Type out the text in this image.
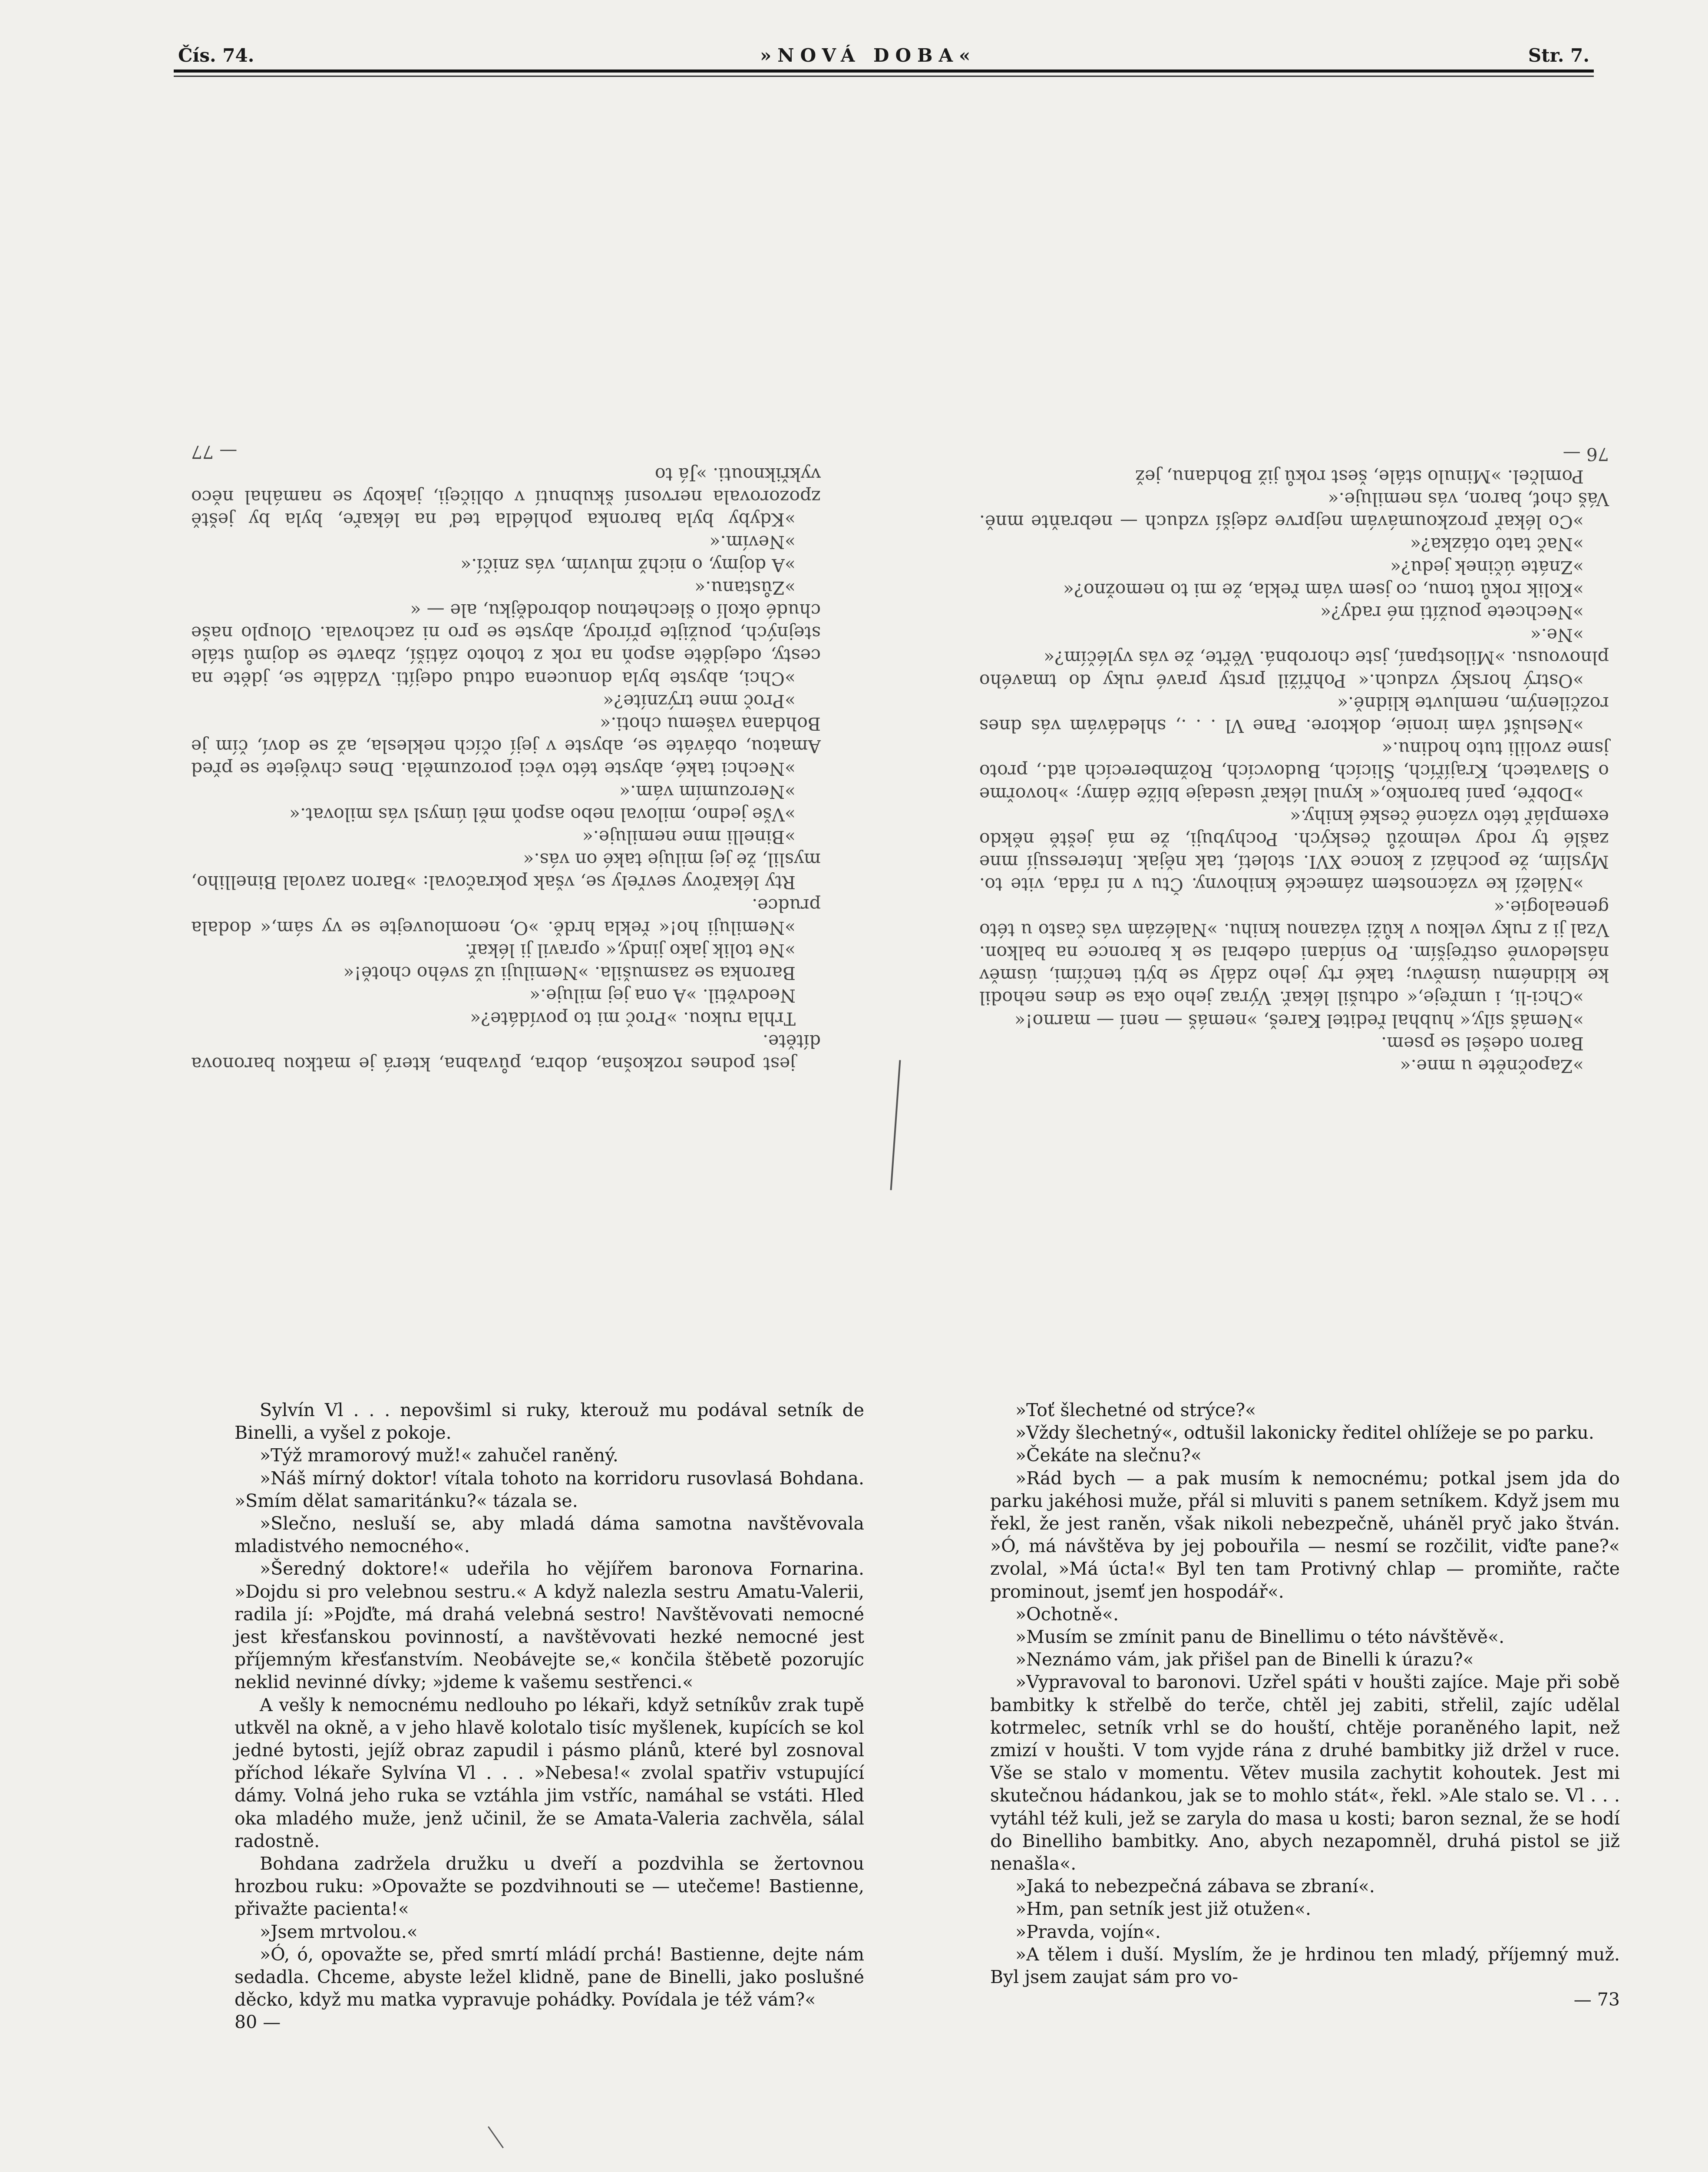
Čís. 74.	»NOVÁ DOBA«	Str. 7.

»Započněte u mne.«

Baron odešel se psem.

»Nemáš síly,« hubhal ředitel Kareš, »nemáš — není — marno!«

»Chci-li, i umřeje,« odtušil lékař. Výraz jeho oka se dnes nehodil ke klidnému úsměvu; také rty jeho zdály se býti tenčími, úsměv následovně ostřejším. Po snídani odebral se k baronce na balkon. Vzal ji z ruky velkou v kůži vázanou knihu. »Nalézám vás často u této genealogie.«

»Náleží ke vzácnostem zámecké knihovny. Čtu v ní ráda, vite to. Myslím, že pochází z konce XVI. století, tak nějak. Interessují mne zašlé ty rody velmožů českých. Pochybuji, že má ještě někdo exemplář této vzácné české knihy.«

»Dobře, paní baronko,« kynul lékař usedaje blíže dámy; »hovořme o Slavatech, Krajířích, Šlicích, Budovcích, Rožmberecích atd., proto jsme zvolili tuto hodinu.«

»Neslušť vám ironie, doktore. Pane Vl . . ., shledávám vás dnes rozčileným, nemluvte klidně.«

»Ostrý horský vzduch.« Pohřížil prsty pravé ruky do tmavého plnovousu. »Milostpaní, jste chorobná. Věřte, že vás vyléčím?«

»Ne.«

»Nechcete použíti mé rady?«

»Kolik roků tomu, co jsem vám řekla, že mi to nemožno?«

»Znáte účinek jedu?«

»Nač tato otázka?«

»Co lékař prozkoumávám nejprve zdejší vzduch — nebraňte mně. Váš choť, baron, vás nemiluje.«

Pomlčel. »Minulo stále, šest roků již Bohdanu, jež

76 —

jest podnes rozkošna, dobra, půvabna, která je matkou baronova dítěte.

Trhla rukou. »Proč mi to povídáte?«

Neodvětil. »A ona jej miluje.«

Baronka se zasmušila. »Nemiluji už svého chotě!«

»Ne tolik jako jindy,« opravil ji lékař.

»Nemiluji ho!« řekla hrdě. »O, neomlouvejte se vy sám,« dodala prudce.

Rty lékařovy sevřely se, však pokračoval: »Baron zavolal Binelliho, myslil, že jej miluje také on vás.«

»Binelli mne nemiluje.«

»Vše jedno, miloval nebo aspoň měl úmysl vás milovat.«

»Nerozumím vám.«

»Nechci také, abyste této věci porozuměla. Dnes chvějete se před Amatou, obáváte se, abyste v její očích neklesla, až se doví, čím je Bohdana vašemu choti.«

»Proč mne trýzníte?«

»Chci, abyste byla donucena odtud odejíti. Vzdálte se, jděte na cesty, odejděte aspoň na rok z tohoto zátiší, zbavte se dojmů stále stejných, použijte přírody, abyste se pro ni zachovala. Olouplo naše chudé okolí o šlechetnou dobrodějku, ale — «

»Zůstanu.«

»A dojmy, o nichž mluvím, vás zničí.«

»Nevím.«

»Kdyby byla baronka pohlédla teď na lékaře, byla by ještě zpozorovala nervosní škubnutí v obličeji, jakoby se namáhal něco vykřiknouti. »Já to

— 77

Sylvín Vl . . . nepovšiml si ruky, kterouž mu podával setník de Binelli, a vyšel z pokoje.

»Týž mramorový muž!« zahučel raněný.

»Náš mírný doktor! vítala tohoto na korridoru rusovlasá Bohdana. »Smím dělat samaritánku?« tázala se.

»Slečno, nesluší se, aby mladá dáma samotna navštěvovala mladistvého nemocného«.

»Šeredný doktore!« udeřila ho vějířem baronova Fornarina. »Dojdu si pro velebnou sestru.« A když nalezla sestru Amatu-Valerii, radila jí: »Pojďte, má drahá velebná sestro! Navštěvovati nemocné jest křesťanskou povinností, a navštěvovati hezké nemocné jest příjemným křesťanstvím. Neobávejte se,« končila štěbetě pozorujíc neklid nevinné dívky; »jdeme k vašemu sestřenci.«

A vešly k nemocnému nedlouho po lékaři, když setníkův zrak tupě utkvěl na okně, a v jeho hlavě kolotalo tisíc myšlenek, kupících se kol jedné bytosti, jejíž obraz zapudil i pásmo plánů, které byl zosnoval příchod lékaře Sylvína Vl . . . »Nebesa!« zvolal spatřiv vstupující dámy. Volná jeho ruka se vztáhla jim vstříc, namáhal se vstáti. Hled oka mladého muže, jenž učinil, že se Amata-Valeria zachvěla, sálal radostně.

Bohdana zadržela družku u dveří a pozdvihla se žertovnou hrozbou ruku: »Opovažte se pozdvihnouti se — utečeme! Bastienne, přivažte pacienta!«

»Jsem mrtvolou.«

»Ó, ó, opovažte se, před smrtí mládí prchá! Bastienne, dejte nám sedadla. Chceme, abyste ležel klidně, pane de Binelli, jako poslušné děcko, když mu matka vypravuje pohádky. Povídala je též vám?«

80 —

»Toť šlechetné od strýce?«

»Vždy šlechetný«, odtušil lakonicky ředitel ohlížeje se po parku.

»Čekáte na slečnu?«

»Rád bych — a pak musím k nemocnému; potkal jsem jda do parku jakéhosi muže, přál si mluviti s panem setníkem. Když jsem mu řekl, že jest raněn, však nikoli nebezpečně, uháněl pryč jako štván. »Ó, má návštěva by jej pobouřila — nesmí se rozčilit, viďte pane?« zvolal, »Má úcta!« Byl ten tam Protivný chlap — promiňte, račte prominout, jsemť jen hospodář«.

»Ochotně«.

»Musím se zmínit panu de Binellimu o této návštěvě«.

»Neznámo vám, jak přišel pan de Binelli k úrazu?«

»Vypravoval to baronovi. Uzřel spáti v houšti zajíce. Maje při sobě bambitky k střelbě do terče, chtěl jej zabiti, střelil, zajíc udělal kotrmelec, setník vrhl se do houští, chtěje poraněného lapit, než zmizí v houšti. V tom vyjde rána z druhé bambitky již držel v ruce. Vše se stalo v momentu. Větev musila zachytit kohoutek. Jest mi skutečnou hádankou, jak se to mohlo stát«, řekl. »Ale stalo se. Vl . . . vytáhl též kuli, jež se zaryla do masa u kosti; baron seznal, že se hodí do Binelliho bambitky. Ano, abych nezapomněl, druhá pistol se již nenašla«.

»Jaká to nebezpečná zábava se zbraní«.

»Hm, pan setník jest již otužen«.

»Pravda, vojín«.

»A tělem i duší. Myslím, že je hrdinou ten mladý, příjemný muž. Byl jsem zaujat sám pro vo-

— 73
